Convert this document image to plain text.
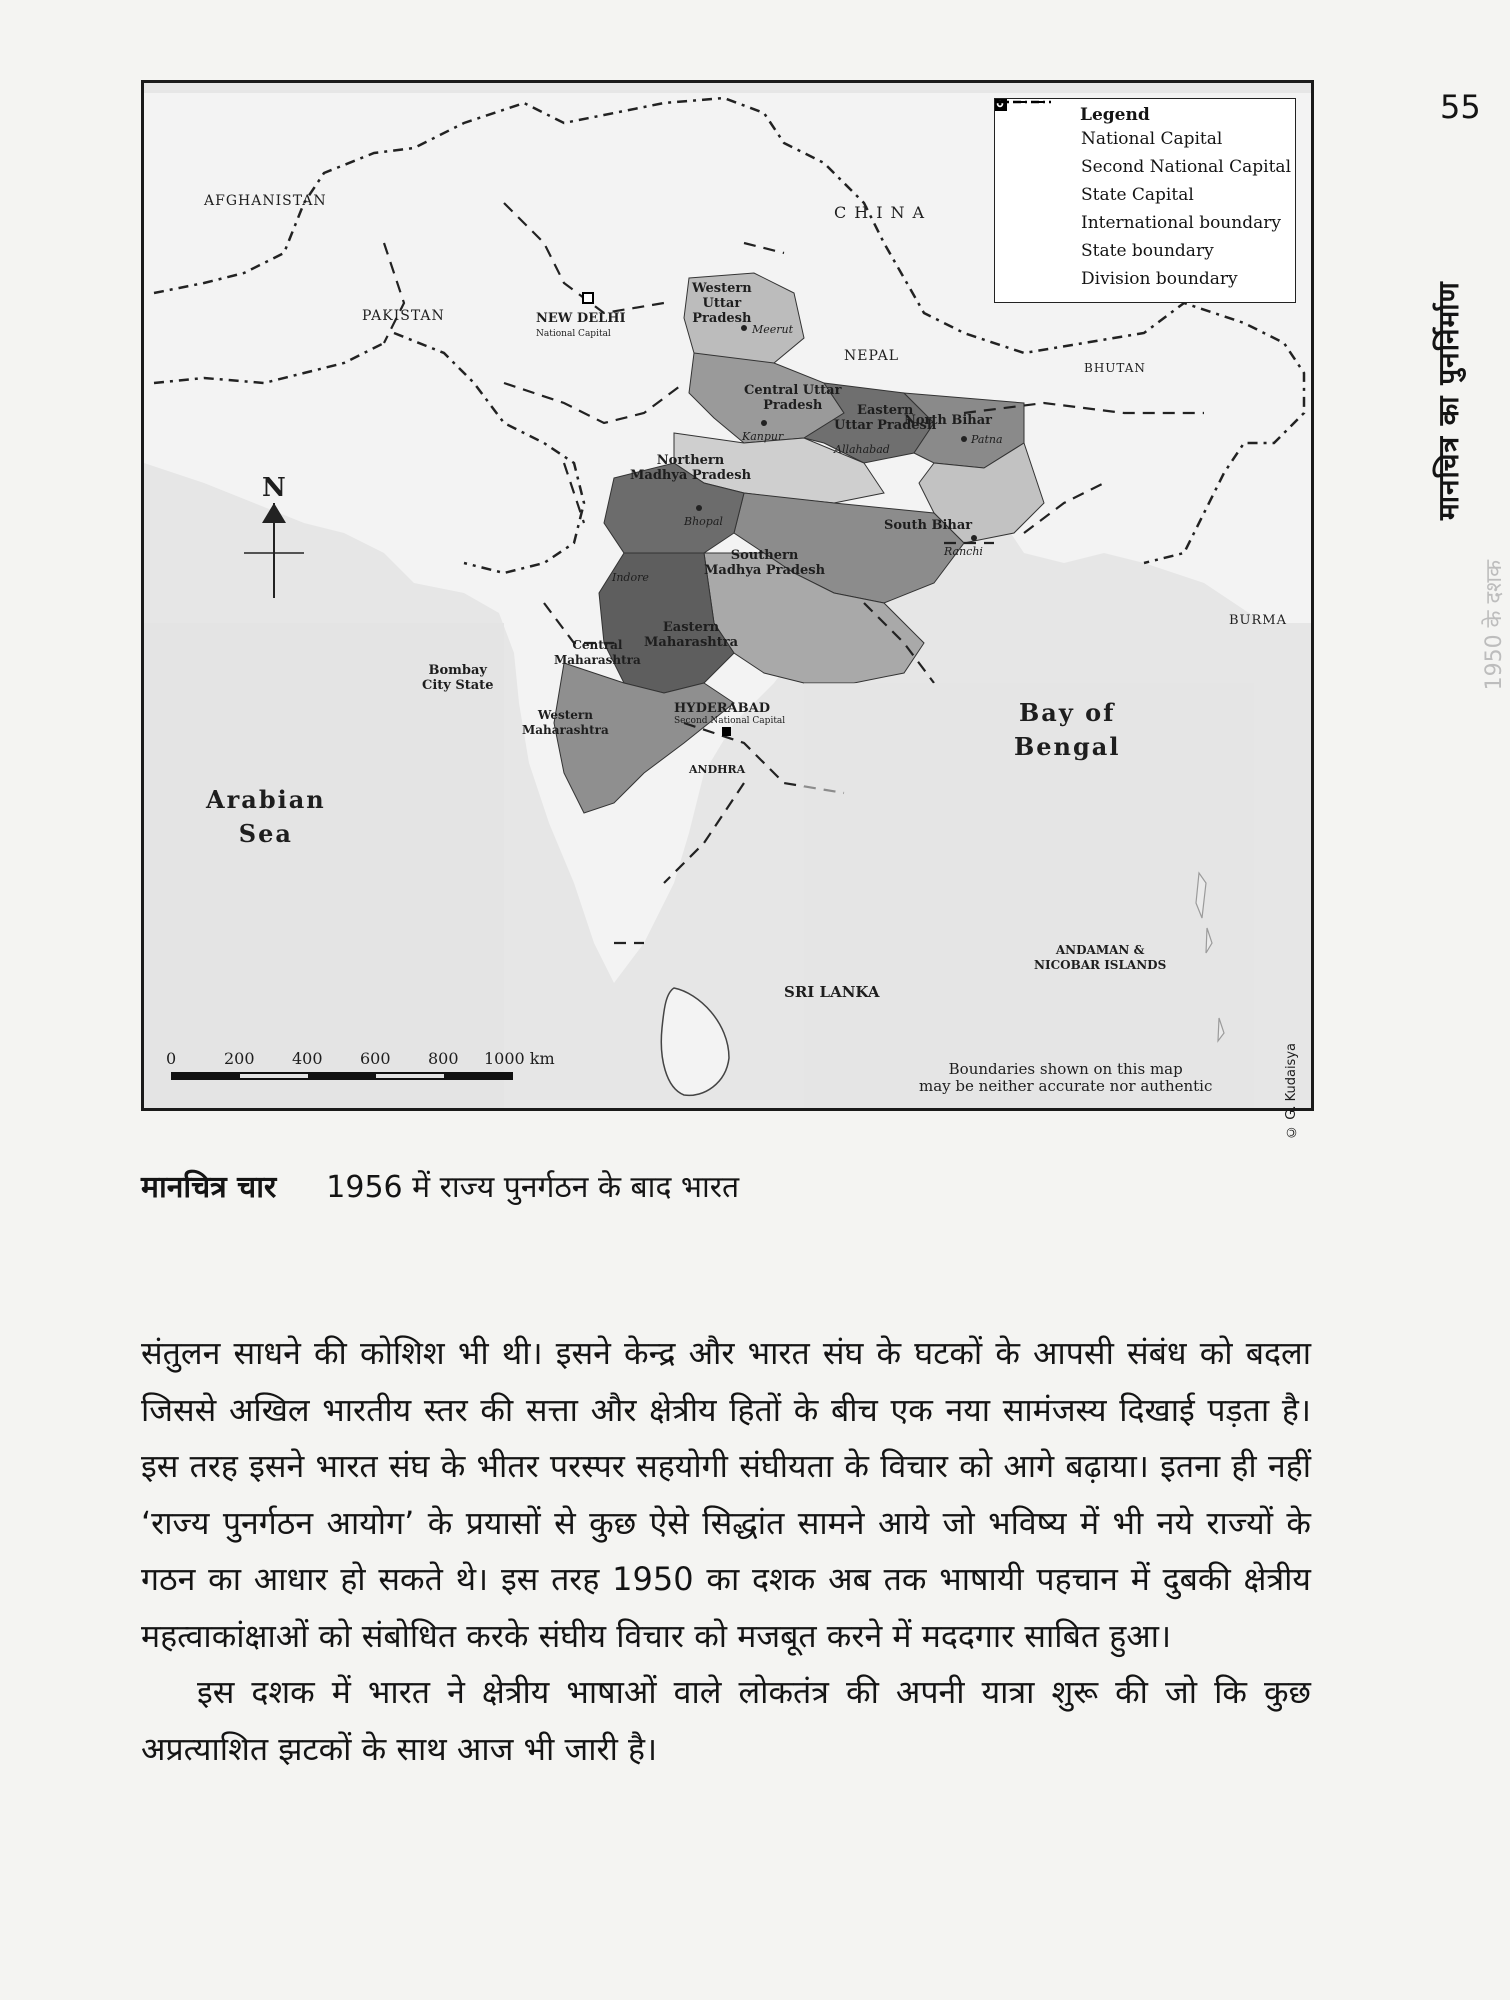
55
मानचित्र का पुनर्निर्माण
1950 के दशक
Legend
National Capital
Second National Capital
State Capital
International boundary
State boundary
Division boundary
AFGHANISTAN
CHINA
PAKISTAN
NEPAL
BHUTAN
BURMA
SRI LANKA
Arabian
Sea
Bay of
Bengal
NEW DELHI
National Capital
HYDERABAD
Second National Capital
Western
Uttar
Pradesh
Central Uttar
Pradesh	Eastern
Uttar Pradesh
North Bihar
South Bihar
Northern
Madhya Pradesh
Southern
Madhya Pradesh
Eastern
Maharashtra
Central
Maharashtra
Western
Maharashtra
Bombay
City State
ANDHRA
ANDAMAN &
NICOBAR ISLANDS
Meerut
Kanpur
Allahabad
Patna
Bhopal
Indore
Ranchi
N
0	200 400 600 800 1000 km
Boundaries shown on this map
may be neither accurate nor authentic	© G. Kudaisya
मानचित्र चार 1956 में राज्य पुनर्गठन के बाद भारत

संतुलन साधने की कोशिश भी थी। इसने केन्द्र और भारत संघ के घटकों के आपसी संबंध को बदला जिससे अखिल भारतीय स्तर की सत्ता और क्षेत्रीय हितों के बीच एक नया सामंजस्य दिखाई पड़ता है। इस तरह इसने भारत संघ के भीतर परस्पर सहयोगी संघीयता के विचार को आगे बढ़ाया। इतना ही नहीं ‘राज्य पुनर्गठन आयोग’ के प्रयासों से कुछ ऐसे सिद्धांत सामने आये जो भविष्य में भी नये राज्यों के गठन का आधार हो सकते थे। इस तरह 1950 का दशक अब तक भाषायी पहचान में दुबकी क्षेत्रीय महत्वाकांक्षाओं को संबोधित करके संघीय विचार को मजबूत करने में मददगार साबित हुआ।

इस दशक में भारत ने क्षेत्रीय भाषाओं वाले लोकतंत्र की अपनी यात्रा शुरू की जो कि कुछ अप्रत्याशित झटकों के साथ आज भी जारी है।
